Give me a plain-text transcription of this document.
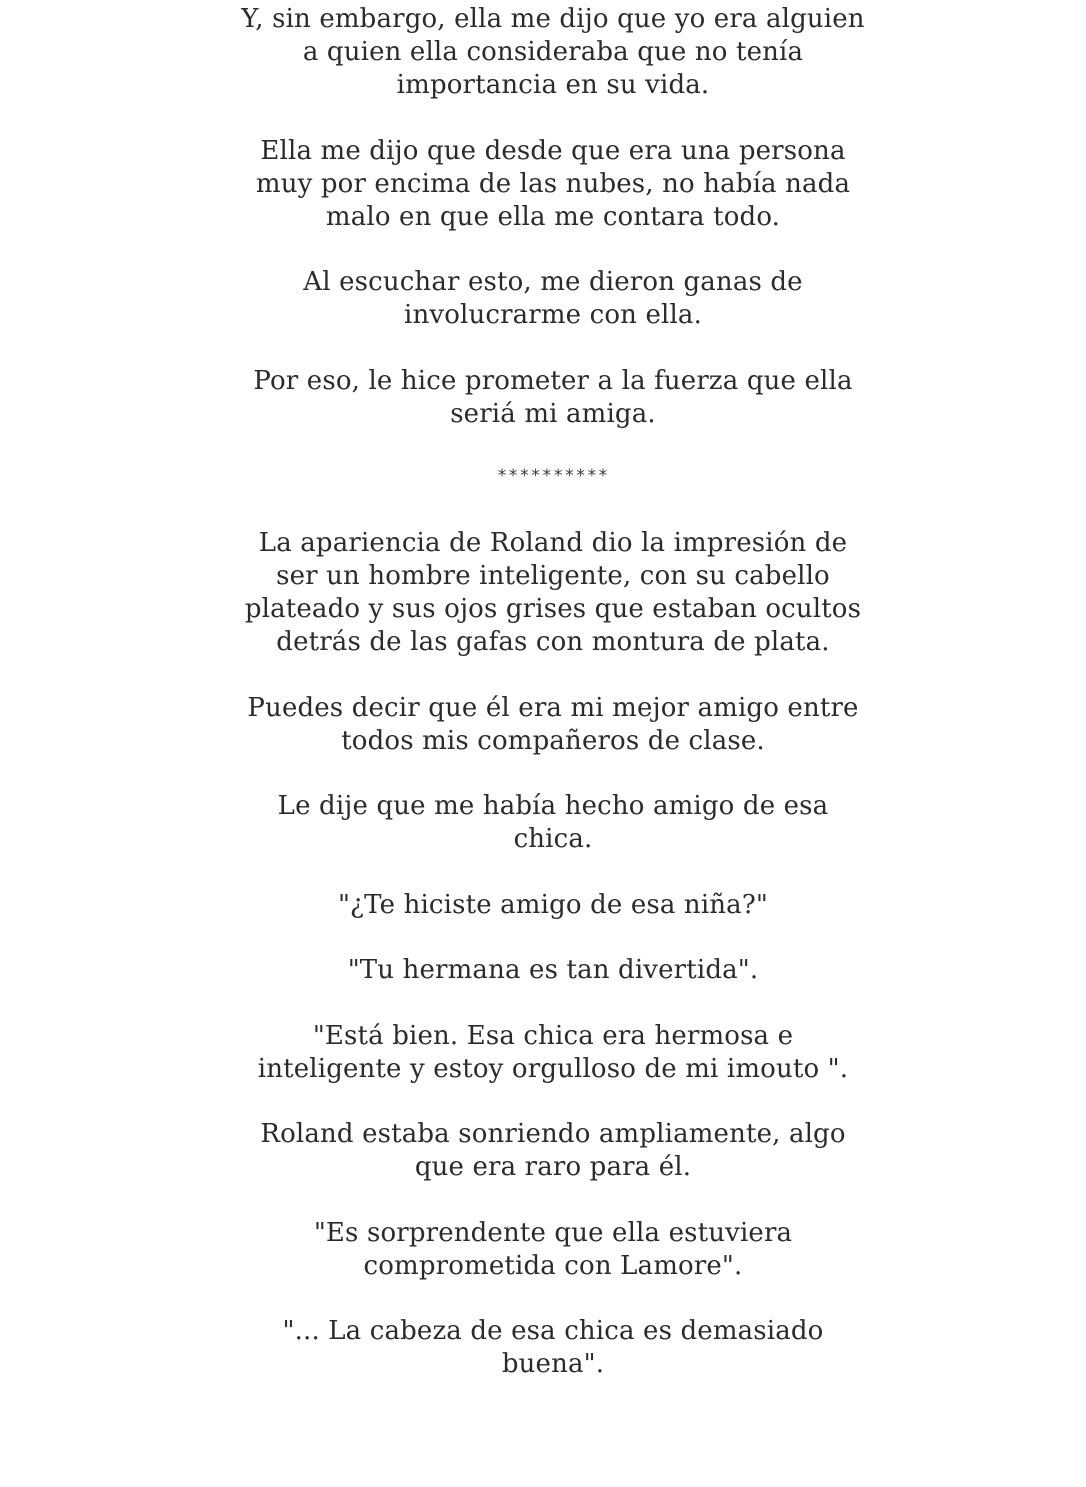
Y, sin embargo, ella me dijo que yo era alguien a quien ella consideraba que no tenía importancia en su vida.

Ella me dijo que desde que era una persona muy por encima de las nubes, no había nada malo en que ella me contara todo.

Al escuchar esto, me dieron ganas de involucrarme con ella.

Por eso, le hice prometer a la fuerza que ella seriá mi amiga.

**********

La apariencia de Roland dio la impresión de ser un hombre inteligente, con su cabello plateado y sus ojos grises que estaban ocultos detrás de las gafas con montura de plata.

Puedes decir que él era mi mejor amigo entre todos mis compañeros de clase.

Le dije que me había hecho amigo de esa chica.

"¿Te hiciste amigo de esa niña?"

"Tu hermana es tan divertida".

"Está bien. Esa chica era hermosa e inteligente y estoy orgulloso de mi imouto ".

Roland estaba sonriendo ampliamente, algo que era raro para él.

"Es sorprendente que ella estuviera comprometida con Lamore".

"... La cabeza de esa chica es demasiado buena".
